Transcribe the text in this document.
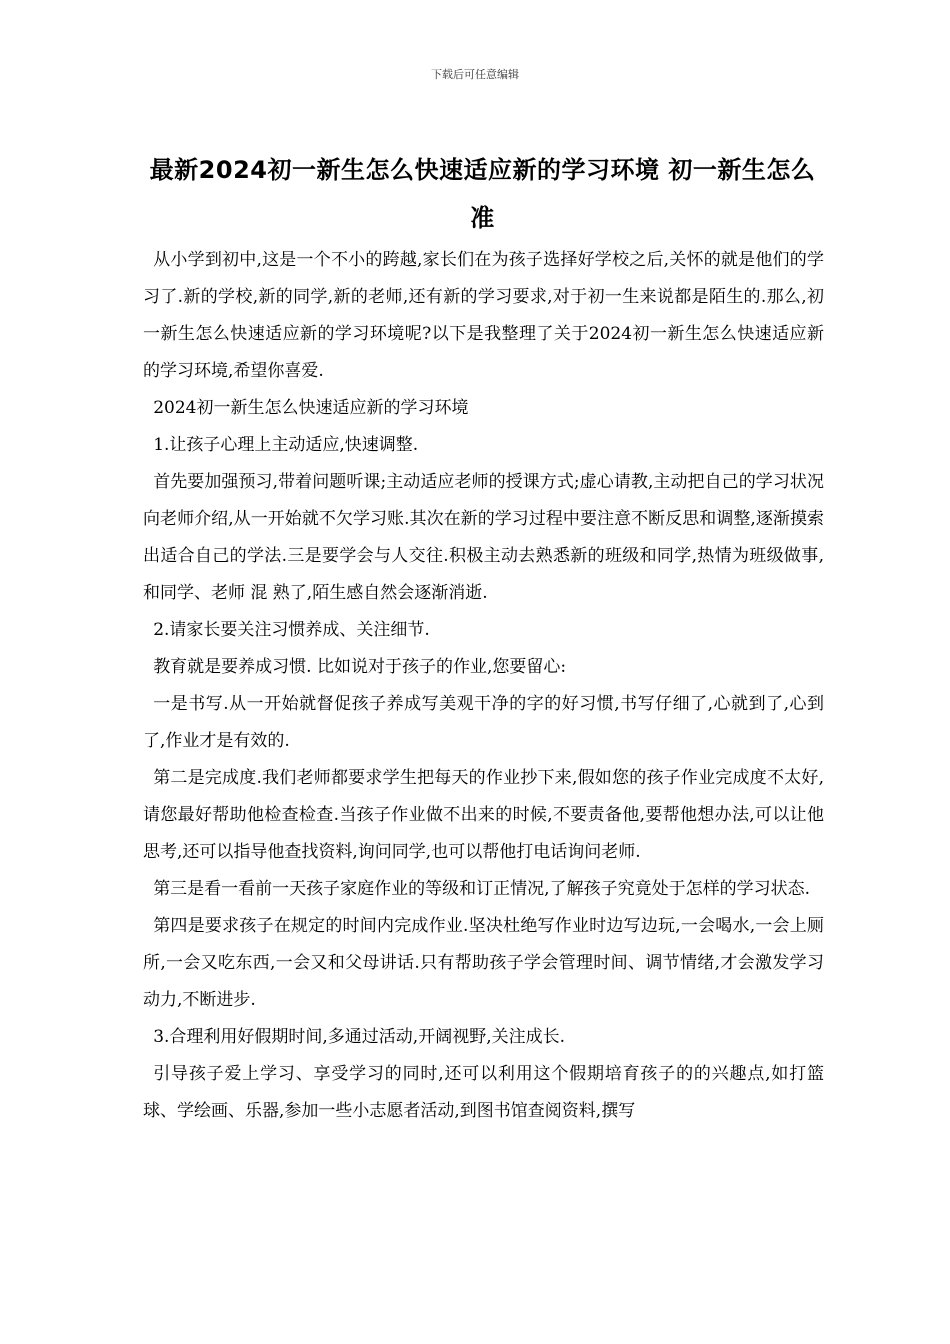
下载后可任意编辑
最新2024初一新生怎么快速适应新的学习环境 初一新生怎么准

从小学到初中,这是一个不小的跨越,家长们在为孩子选择好学校之后,关怀的就是他们的学习了.新的学校,新的同学,新的老师,还有新的学习要求,对于初一生来说都是陌生的.那么,初一新生怎么快速适应新的学习环境呢?以下是我整理了关于2024初一新生怎么快速适应新的学习环境,希望你喜爱.

2024初一新生怎么快速适应新的学习环境

1.让孩子心理上主动适应,快速调整.

首先要加强预习,带着问题听课;主动适应老师的授课方式;虚心请教,主动把自己的学习状况向老师介绍,从一开始就不欠学习账.其次在新的学习过程中要注意不断反思和调整,逐渐摸索出适合自己的学法.三是要学会与人交往.积极主动去熟悉新的班级和同学,热情为班级做事,和同学、老师 混 熟了,陌生感自然会逐渐消逝.

2.请家长要关注习惯养成、关注细节.

教育就是要养成习惯. 比如说对于孩子的作业,您要留心:

一是书写.从一开始就督促孩子养成写美观干净的字的好习惯,书写仔细了,心就到了,心到了,作业才是有效的.

第二是完成度.我们老师都要求学生把每天的作业抄下来,假如您的孩子作业完成度不太好,请您最好帮助他检查检查.当孩子作业做不出来的时候,不要责备他,要帮他想办法,可以让他思考,还可以指导他查找资料,询问同学,也可以帮他打电话询问老师.

第三是看一看前一天孩子家庭作业的等级和订正情况,了解孩子究竟处于怎样的学习状态.

第四是要求孩子在规定的时间内完成作业.坚决杜绝写作业时边写边玩,一会喝水,一会上厕所,一会又吃东西,一会又和父母讲话.只有帮助孩子学会管理时间、调节情绪,才会激发学习动力,不断进步.

3.合理利用好假期时间,多通过活动,开阔视野,关注成长.

引导孩子爱上学习、享受学习的同时,还可以利用这个假期培育孩子的的兴趣点,如打篮球、学绘画、乐器,参加一些小志愿者活动,到图书馆查阅资料,撰写
